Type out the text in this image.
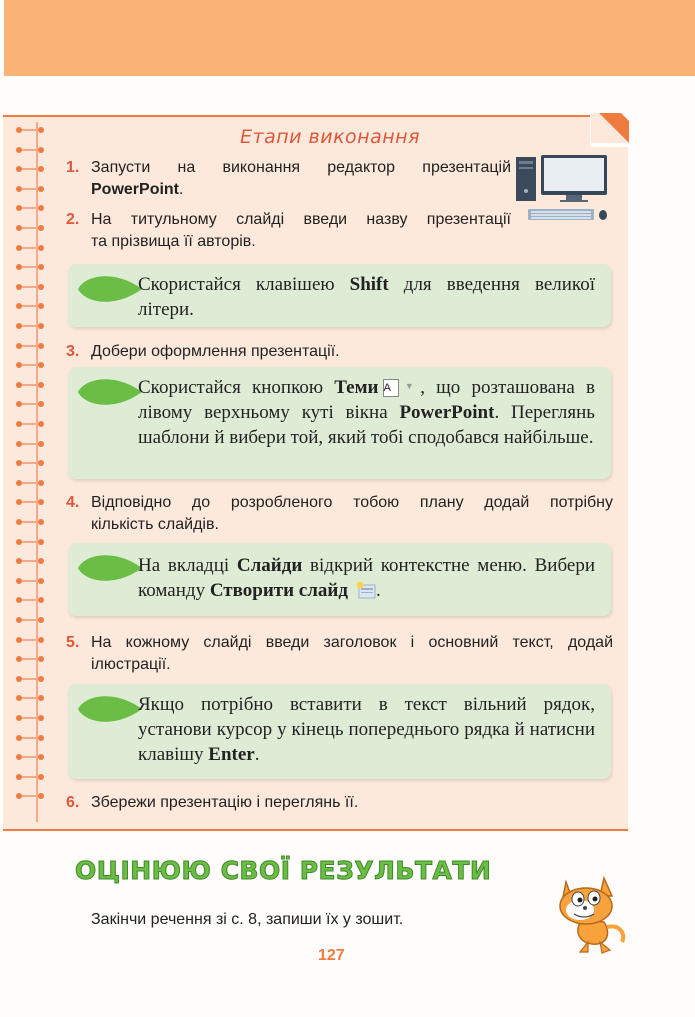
Етапи виконання
1. Запусти на виконання редактор презентацій
PowerPoint.
2. На титульному слайді введи назву презентації
та прізвища її авторів.
Скористайся клавішею Shift для введення великої літери.
3. Добери оформлення презентації.
Скористайся кнопкою Теми A ▼, що розташована в лівому верхньому куті вікна PowerPoint. Переглянь шаблони й вибери той, який тобі сподобався найбільше.
4. Відповідно до розробленого тобою плану додай потрібну
кількість слайдів.
На вкладці Слайди відкрий контекстне меню. Вибери команду Створити слайд .
5. На кожному слайді введи заголовок і основний текст, додай
ілюстрації.
Якщо потрібно вставити в текст вільний рядок, установи курсор у кінець попереднього рядка й натисни клавішу Enter.
6. Збережи презентацію і переглянь її.
ОЦІНЮЮ СВОЇ РЕЗУЛЬТАТИ
Закінчи речення зі с. 8, запиши їх у зошит.
127
